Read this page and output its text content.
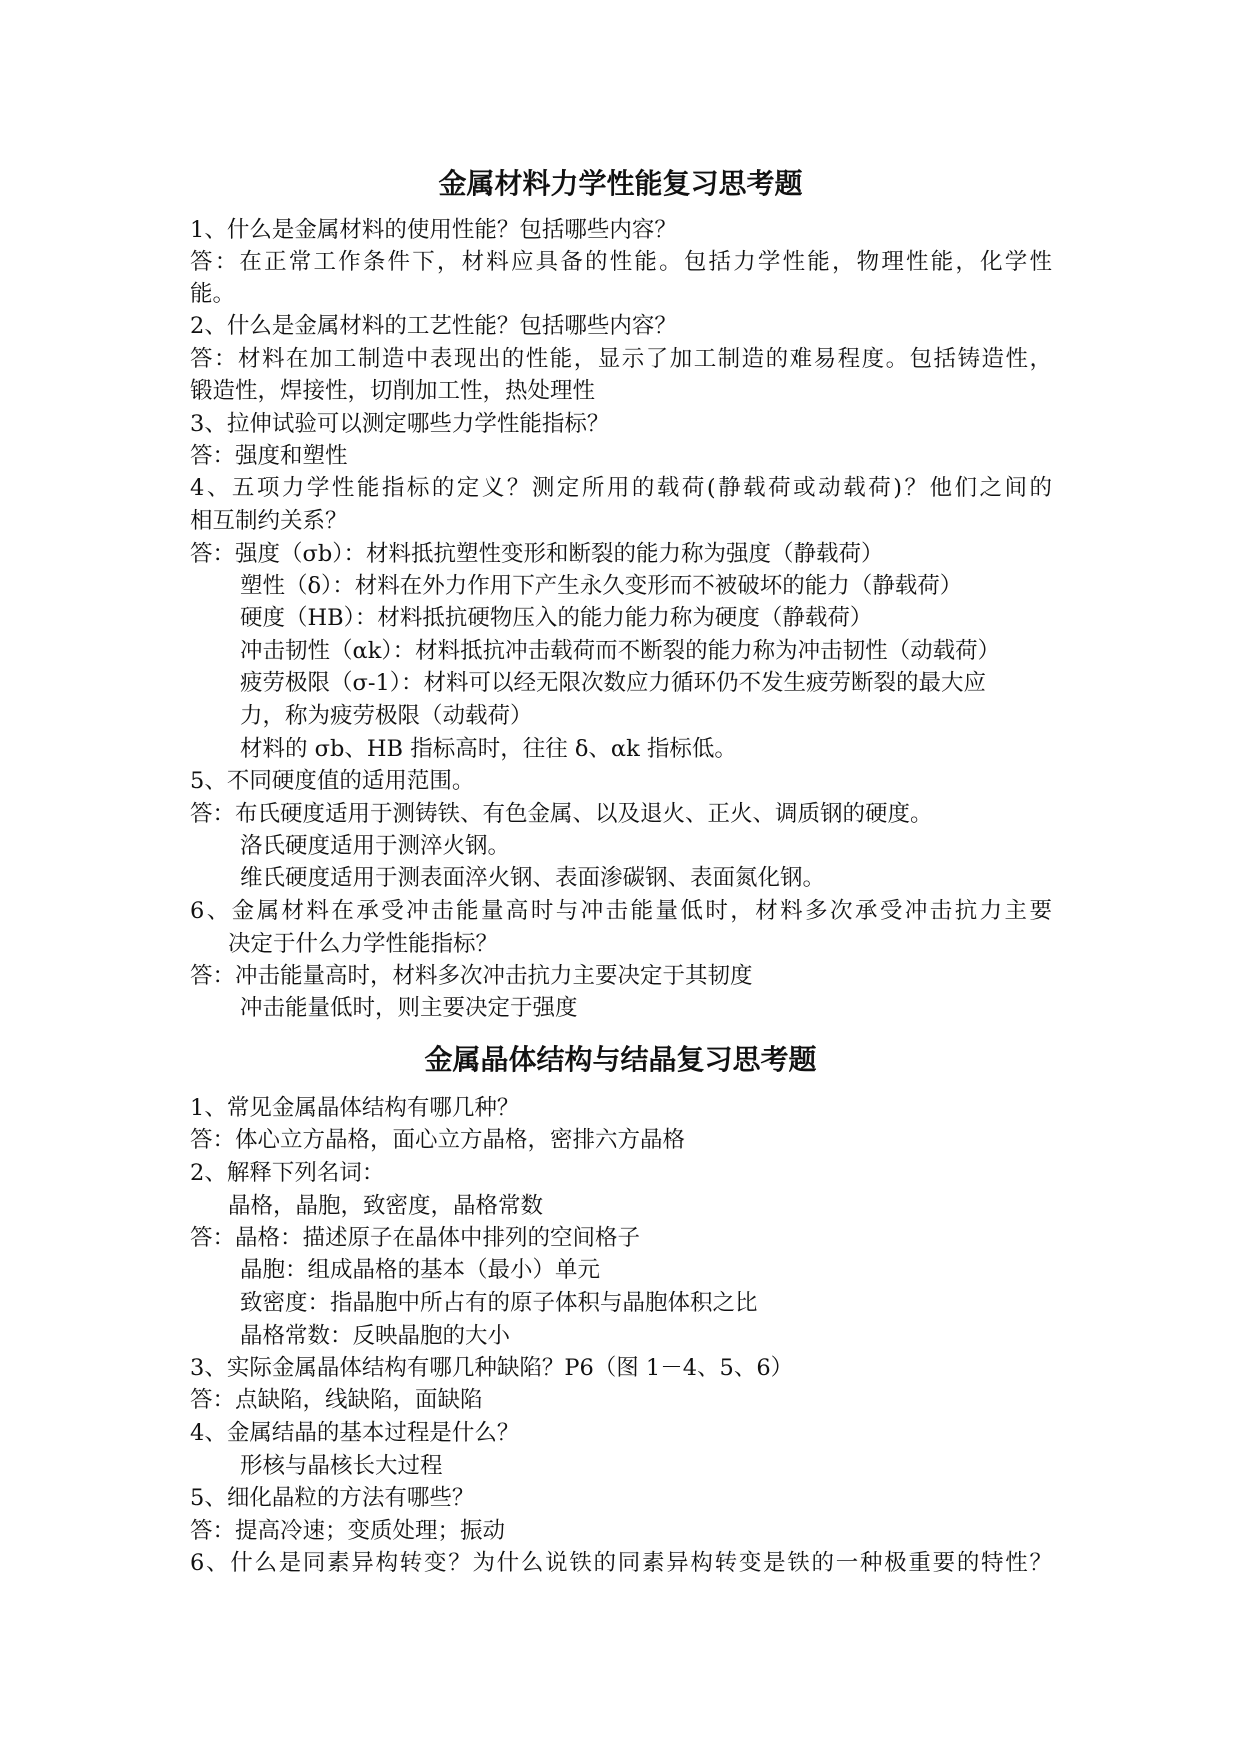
金属材料力学性能复习思考题
1、什么是金属材料的使用性能？包括哪些内容？
答：在正常工作条件下，材料应具备的性能。包括力学性能，物理性能，化学性
能。
2、什么是金属材料的工艺性能？包括哪些内容？
答：材料在加工制造中表现出的性能，显示了加工制造的难易程度。包括铸造性，
锻造性，焊接性，切削加工性，热处理性
3、拉伸试验可以测定哪些力学性能指标？
答：强度和塑性
4、五项力学性能指标的定义？测定所用的载荷(静载荷或动载荷)？他们之间的
相互制约关系？
答：强度（σb）：材料抵抗塑性变形和断裂的能力称为强度（静载荷）
塑性（δ）：材料在外力作用下产生永久变形而不被破坏的能力（静载荷）
硬度（HB）：材料抵抗硬物压入的能力能力称为硬度（静载荷）
冲击韧性（αk）：材料抵抗冲击载荷而不断裂的能力称为冲击韧性（动载荷）
疲劳极限（σ-1）：材料可以经无限次数应力循环仍不发生疲劳断裂的最大应
力，称为疲劳极限（动载荷）
材料的 σb、HB 指标高时，往往 δ、αk 指标低。
5、不同硬度值的适用范围。
答：布氏硬度适用于测铸铁、有色金属、以及退火、正火、调质钢的硬度。
洛氏硬度适用于测淬火钢。
维氏硬度适用于测表面淬火钢、表面渗碳钢、表面氮化钢。
6、金属材料在承受冲击能量高时与冲击能量低时，材料多次承受冲击抗力主要
决定于什么力学性能指标？
答：冲击能量高时，材料多次冲击抗力主要决定于其韧度
冲击能量低时，则主要决定于强度
金属晶体结构与结晶复习思考题
1、常见金属晶体结构有哪几种？
答：体心立方晶格，面心立方晶格，密排六方晶格
2、解释下列名词：
晶格，晶胞，致密度，晶格常数
答：晶格：描述原子在晶体中排列的空间格子
晶胞：组成晶格的基本（最小）单元
致密度：指晶胞中所占有的原子体积与晶胞体积之比
晶格常数：反映晶胞的大小
3、实际金属晶体结构有哪几种缺陷？P6（图 1－4、5、6）
答：点缺陷，线缺陷，面缺陷
4、金属结晶的基本过程是什么？
形核与晶核长大过程
5、细化晶粒的方法有哪些？
答：提高冷速；变质处理；振动
6、什么是同素异构转变？为什么说铁的同素异构转变是铁的一种极重要的特性？
